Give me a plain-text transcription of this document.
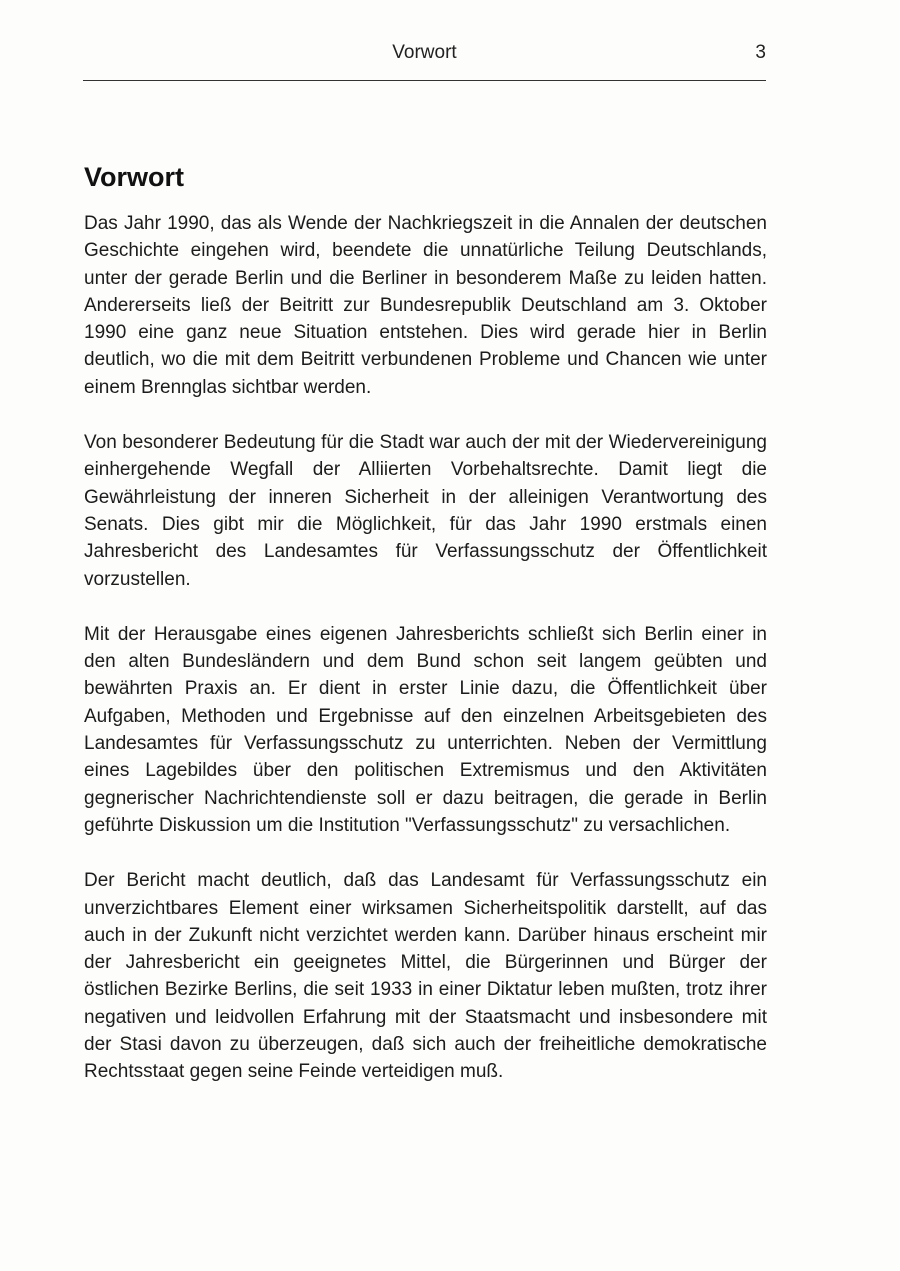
Vorwort	3
Vorwort

Das Jahr 1990, das als Wende der Nachkriegszeit in die Annalen der deutschen Geschichte eingehen wird, beendete die unnatürliche Teilung Deutschlands, unter der gerade Berlin und die Berliner in besonderem Maße zu leiden hatten. Andererseits ließ der Beitritt zur Bundesrepublik Deutschland am 3. Oktober 1990 eine ganz neue Situation entstehen. Dies wird gerade hier in Berlin deutlich, wo die mit dem Beitritt verbundenen Probleme und Chancen wie unter einem Brennglas sichtbar werden.

Von besonderer Bedeutung für die Stadt war auch der mit der Wiedervereinigung einhergehende Wegfall der Alliierten Vorbehaltsrechte. Damit liegt die Gewährleistung der inneren Sicherheit in der alleinigen Verantwortung des Senats. Dies gibt mir die Möglichkeit, für das Jahr 1990 erstmals einen Jahresbericht des Landesamtes für Verfassungsschutz der Öffentlichkeit vorzustellen.

Mit der Herausgabe eines eigenen Jahresberichts schließt sich Berlin einer in den alten Bundesländern und dem Bund schon seit langem geübten und bewährten Praxis an. Er dient in erster Linie dazu, die Öffentlichkeit über Aufgaben, Methoden und Ergebnisse auf den einzelnen Arbeitsgebieten des Landesamtes für Verfassungsschutz zu unterrichten. Neben der Vermittlung eines Lagebildes über den politischen Extremismus und den Aktivitäten gegnerischer Nachrichtendienste soll er dazu beitragen, die gerade in Berlin geführte Diskussion um die Institution "Verfassungsschutz" zu versachlichen.

Der Bericht macht deutlich, daß das Landesamt für Verfassungsschutz ein unverzichtbares Element einer wirksamen Sicherheitspolitik darstellt, auf das auch in der Zukunft nicht verzichtet werden kann. Darüber hinaus erscheint mir der Jahresbericht ein geeignetes Mittel, die Bürgerinnen und Bürger der östlichen Bezirke Berlins, die seit 1933 in einer Diktatur leben mußten, trotz ihrer negativen und leidvollen Erfahrung mit der Staatsmacht und insbesondere mit der Stasi davon zu überzeugen, daß sich auch der freiheitliche demokratische Rechtsstaat gegen seine Feinde verteidigen muß.
